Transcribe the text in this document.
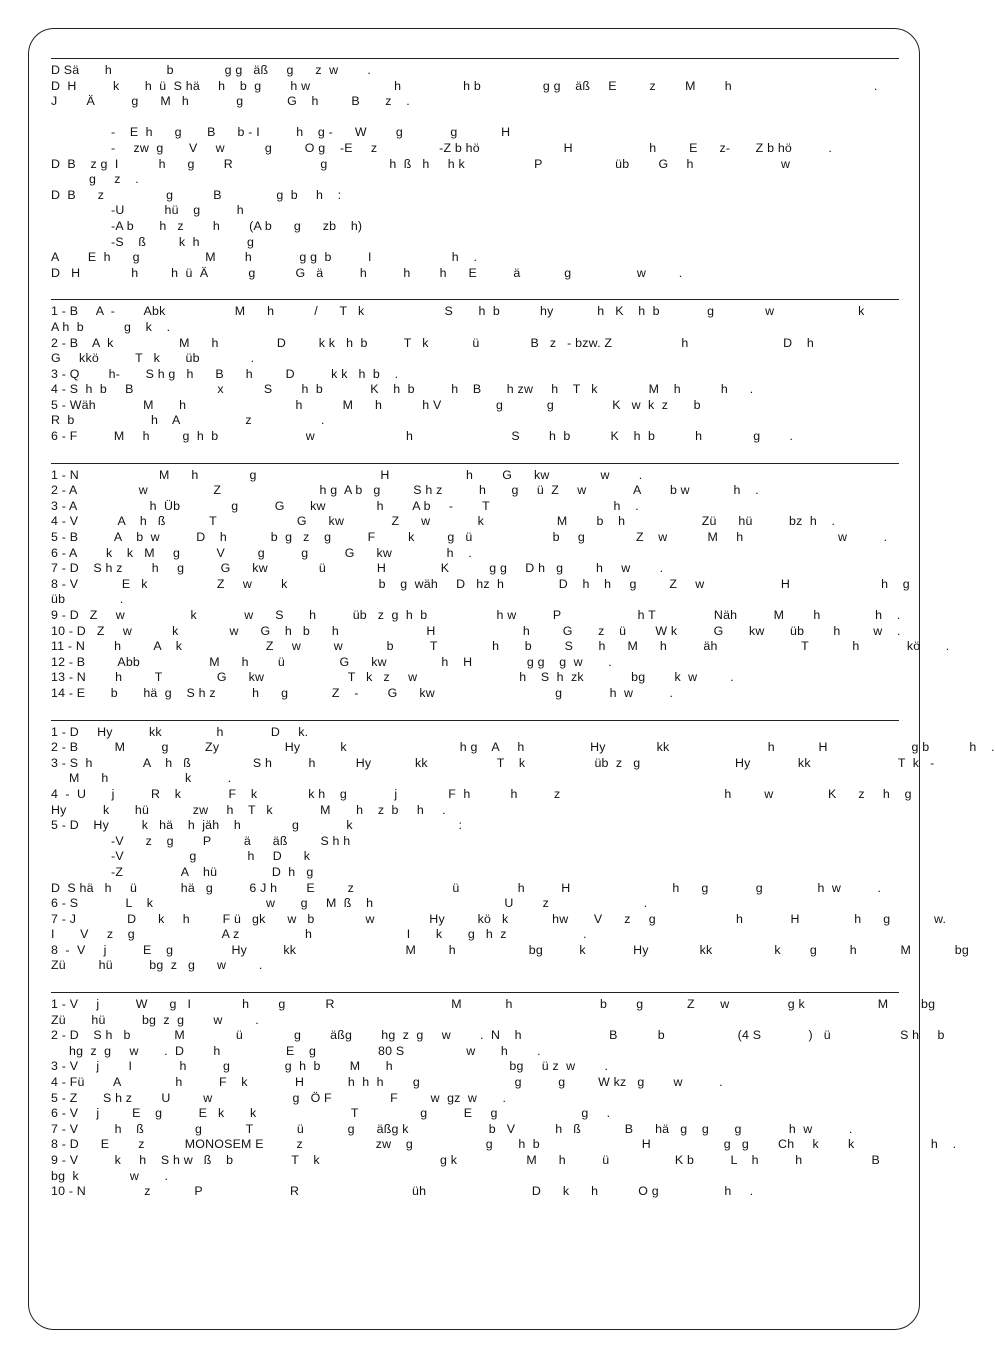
D Sä       h               b              g g   äß     g      z  w        .
D  H          k       h  ü  S hä     h    b  g        h w                       h                 h b                 g g    äß     E         z        M        h                                       .
J        Ä          g      M   h             g            G    h         B       z    .
-    E  h      g       B      b - I          h    g -      W        g             g            H
-     zw  g       V     w           g         O g    -E     z                 -Z b hö                       H                     h         E      z-       Z b hö          .
D  B    z g  I           h      g        R                        g                 h  ß   h     h k                   P                    üb        G     h                        w
g     z    .
D  B      z                 g           B               g  b     h    :
-U           hü    g          h
-A b       h   z        h        (A b      g      zb    h)
-S    ß         k  h             g
A        E  h      g                  M        h             g g  b          I                      h    .
D   H              h         h  ü  Ä           g           G   ä          h          h        h      E          ä            g                  w         .
1 - B     A  -        Abk                   M      h           /      T   k                      S       h  b           hy            h   K    h  b             g              w                       k
A h  b           g    k    .
2 - B    A  k                  M      h                D         k k   h  b          T   k            ü              B   z   - bzw. Z                   h                          D    h
G     kkö          T   k       üb              .
3 - Q        h-       S h g   h      B      h         D          k k   h  b    .
4 - S  h  b     B                       x           S        h  b             K    h  b          h    B       h zw     h    T   k              M    h           h      .
5 - Wäh             M       h                              h           M      h           h V               g            g                K   w  k  z       b
R  b                     h    A                  z                   .
6 - F          M     h         g  h  b                        w                         h                           S        h  b           K    h  b           h              g        .
1 - N                      M      h              g                                  H                     h        G      kw              w        .
2 - A                 w                  Z                           h g  A b   g         S h z          h       g     ü  Z     w             A        b w            h    .
3 - A                    h  Üb              g          G       kw              h        A b     -        T                                  h    .
4 - V           A    h   ß            T                      G      kw             Z      w             k                    M        b    h                     Zü      hü          bz  h    .
5 - B          A    b  w          D    h            b  g   z    g          F         k         g   ü                      b     g              Z    w           M     h                          w          .
6 - A        k    k   M     g          V         g          g          G      kw               h    .
7 - D    S h z        h     g          G      kw              ü              H               K           g g     D h   g         h     w        .
8 - V            E   k                   Z     w        k                         b    g  wäh     D   hz  h               D    h    h     g         Z     w                     H                         h    g
üb               .
9 - D   Z     w                  k             w      S       h          üb   z  g  h  b                   h w          P                     h T                Näh          M        h               h    .
10 - D   Z     w           k              w      G    h   b      h                        H                        h         G       z    ü        W k          G       kw       üb        h         w    .
11 - N        h         A    k                       Z     w         w            b          T               h       b         S       h      M      h          äh                       T            h             kö       .
12 - B         Abb                   M      h        ü               G      kw               h    H               g g    g  w       .
13 - N        h         T               G      kw                       T   k   z     w                            h    S  h  zk             bg        k  w         .
14 - E       b       hä  g    S h z          h      g            Z    -        G      kw                                 g             h  w          .
1 - D     Hy          kk               h             D     k.
2 - B          M          g          Zy                  Hy           k                               h g    A     h                  Hy              kk                           h            H                       g b           h    .
3 - S  h              A    h   ß                 S h          h           Hy            kk                   T    k                   üb  z   g                          Hy             kk                        T  k   -
M      h                     k          .
4  -  U       j          R    k             F    k              k h    g             j              F  h           h          z                                             h         w               K      z     h    g
Hy          k       hü            zw     h    T   k             M       h    z  b     h     .
5 - D    Hy         k   hä    h  jäh    h              g             k                             :
-V      z    g        P         ä      äß         S h h
-V                  g              h     D      k
-Z                A    hü               D  h   g
D  S hä   h     ü            hä   g          6 J h        E         z                           ü                h          H                            h      g             g               h  w          .
6 - S             L    k                               w       g     M  ß    h                                    U        z                          .
7 - J              D      k     h         F ü   gk      w   b              w               Hy         kö   k            hw       V      z     g                      h             H               h      g            w.
I       V     z    g                        A z                  h                          I       k       g   h  z                     .
8  -  V     j          E    g                Hy          kk                              M         h                    bg          k             Hy              kk                 k        g         h            M            bg
Zü         hü          bg  z   g      w         .
1 - V     j          W      g   I              h        g           R                                M            h                        b        g            Z       w                g k                    M         bg
Zü       hü          bg  z  g        w         .
2 - D    S h   b            M              ü              g        äßg        hg  z  g     w        .  N    h                        B           b                    (4 S             )   ü                   S h     b
hg  z  g     w       .  D        h                  E    g                 80 S                 w       h        .
3 - V     j        I             h          g               g  h  b        M       h                                bg     ü z  w        .
4 - Fü        A               h          F    k             H            h  h  h        g                          g          g         W kz   g        w          .
5 - Z       S h z        U         w                      g   Ö F                F         w  gz  w       .
6 - V     j         E    g          E   k       k                          T                 g          E     g                       g     .
7 - V          h    ß              g            T            ü            g      äßg k                      b   V           h   ß            B      hä   g    g       g             h  w          .
8 - D      E        z           MONOSEM E         z                    zw    g                    g       h  b                            H                    g   g        Ch     k        k                     h    .
9 - V          k     h    S h w   ß    b                T    k                                 g k                   M      h          ü                  K b          L    h          h                   B
bg  k              w       .
10 - N                z            P                        R                               üh                             D      k      h           O g                  h     .
